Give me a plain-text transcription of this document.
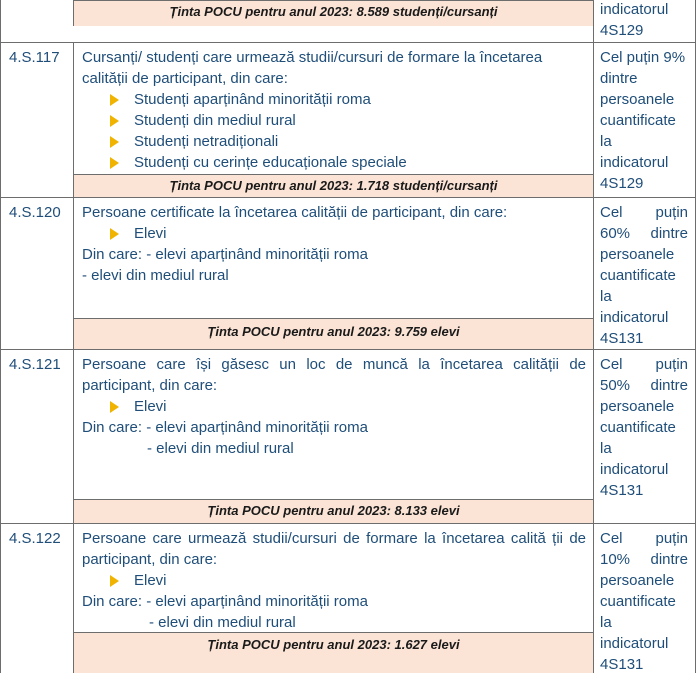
Ținta POCU pentru anul 2023: 8.589 studenți/cursanți	indicatorul
4S129
4.S.117 Cursanți/ studenți care urmează studii/cursuri de formare la încetarea
calității de participant, din care:
Studenți aparținând minorității roma
Studenți din mediul rural
Studenți netradiționali
Studenți cu cerințe educaționale speciale
Ținta POCU pentru anul 2023: 1.718 studenți/cursanți
Cel puțin 9%
dintre
persoanele
cuantificate
la
indicatorul
4S129
4.S.120 Persoane certificate la încetarea calității de participant, din care:
Elevi
Din care: - elevi aparținând minorității roma
- elevi din mediul rural
Ținta POCU pentru anul 2023: 9.759 elevi
Cel puțin
60% dintre
persoanele
cuantificate
la
indicatorul
4S131
4.S.121 Persoane care își găsesc un loc de muncă la încetarea calității de
participant, din care:
Elevi
Din care: - elevi aparținând minorității roma
- elevi din mediul rural
Ținta POCU pentru anul 2023: 8.133 elevi
Cel puțin
50% dintre
persoanele
cuantificate
la
indicatorul
4S131
4.S.122 Persoane care urmează studii/cursuri de formare la încetarea calită ții de
participant, din care:
Elevi
Din care: - elevi aparținând minorității roma
- elevi din mediul rural
Ținta POCU pentru anul 2023: 1.627 elevi
Cel puțin
10% dintre
persoanele
cuantificate
la
indicatorul
4S131
